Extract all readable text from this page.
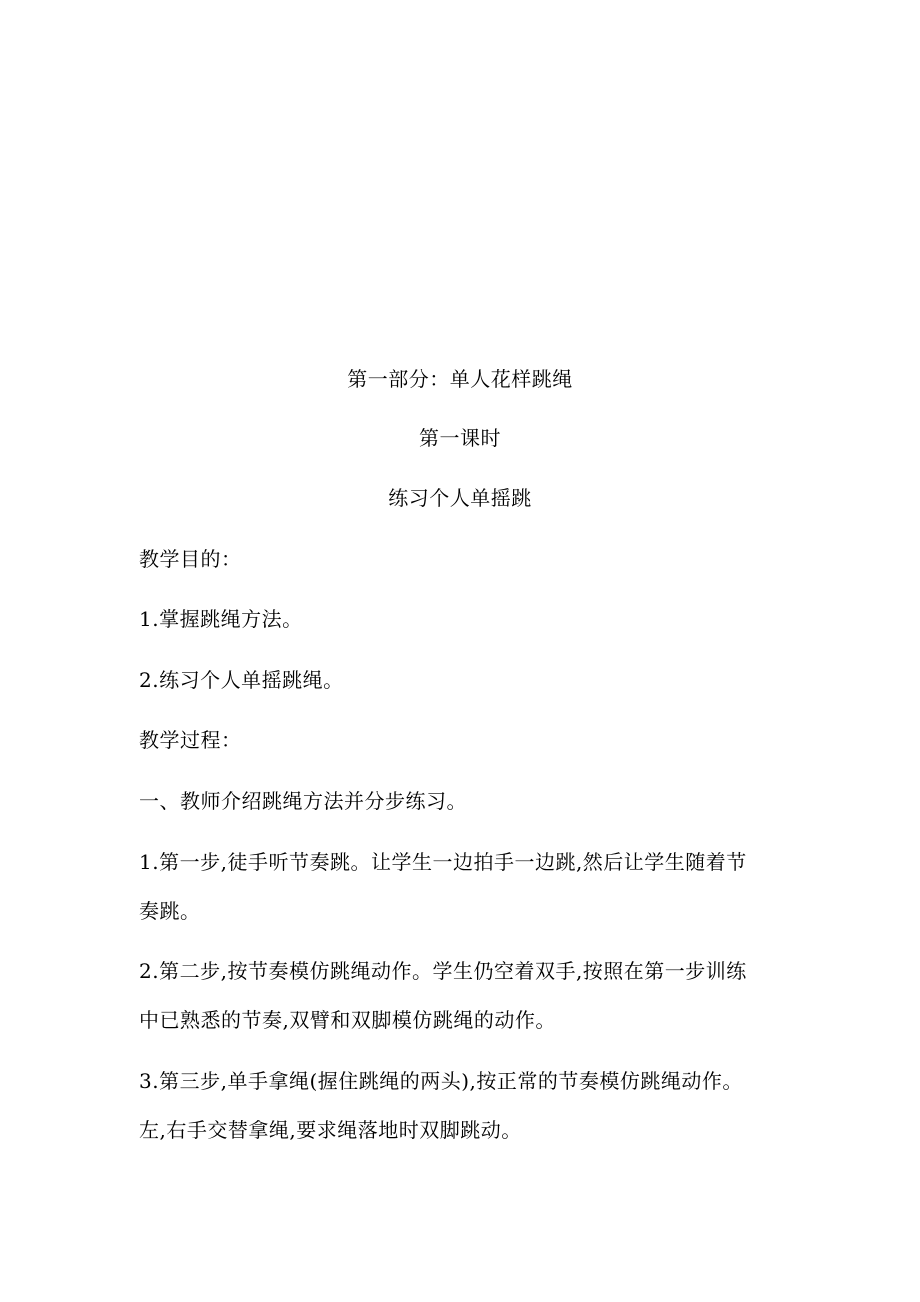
第一部分：单人花样跳绳

第一课时

练习个人单摇跳

教学目的：

1.掌握跳绳方法。

2.练习个人单摇跳绳。

教学过程：

一、教师介绍跳绳方法并分步练习。

1.第一步,徒手听节奏跳。让学生一边拍手一边跳,然后让学生随着节

奏跳。

2.第二步,按节奏模仿跳绳动作。学生仍空着双手,按照在第一步训练

中已熟悉的节奏,双臂和双脚模仿跳绳的动作。

3.第三步,单手拿绳(握住跳绳的两头),按正常的节奏模仿跳绳动作。

左,右手交替拿绳,要求绳落地时双脚跳动。
